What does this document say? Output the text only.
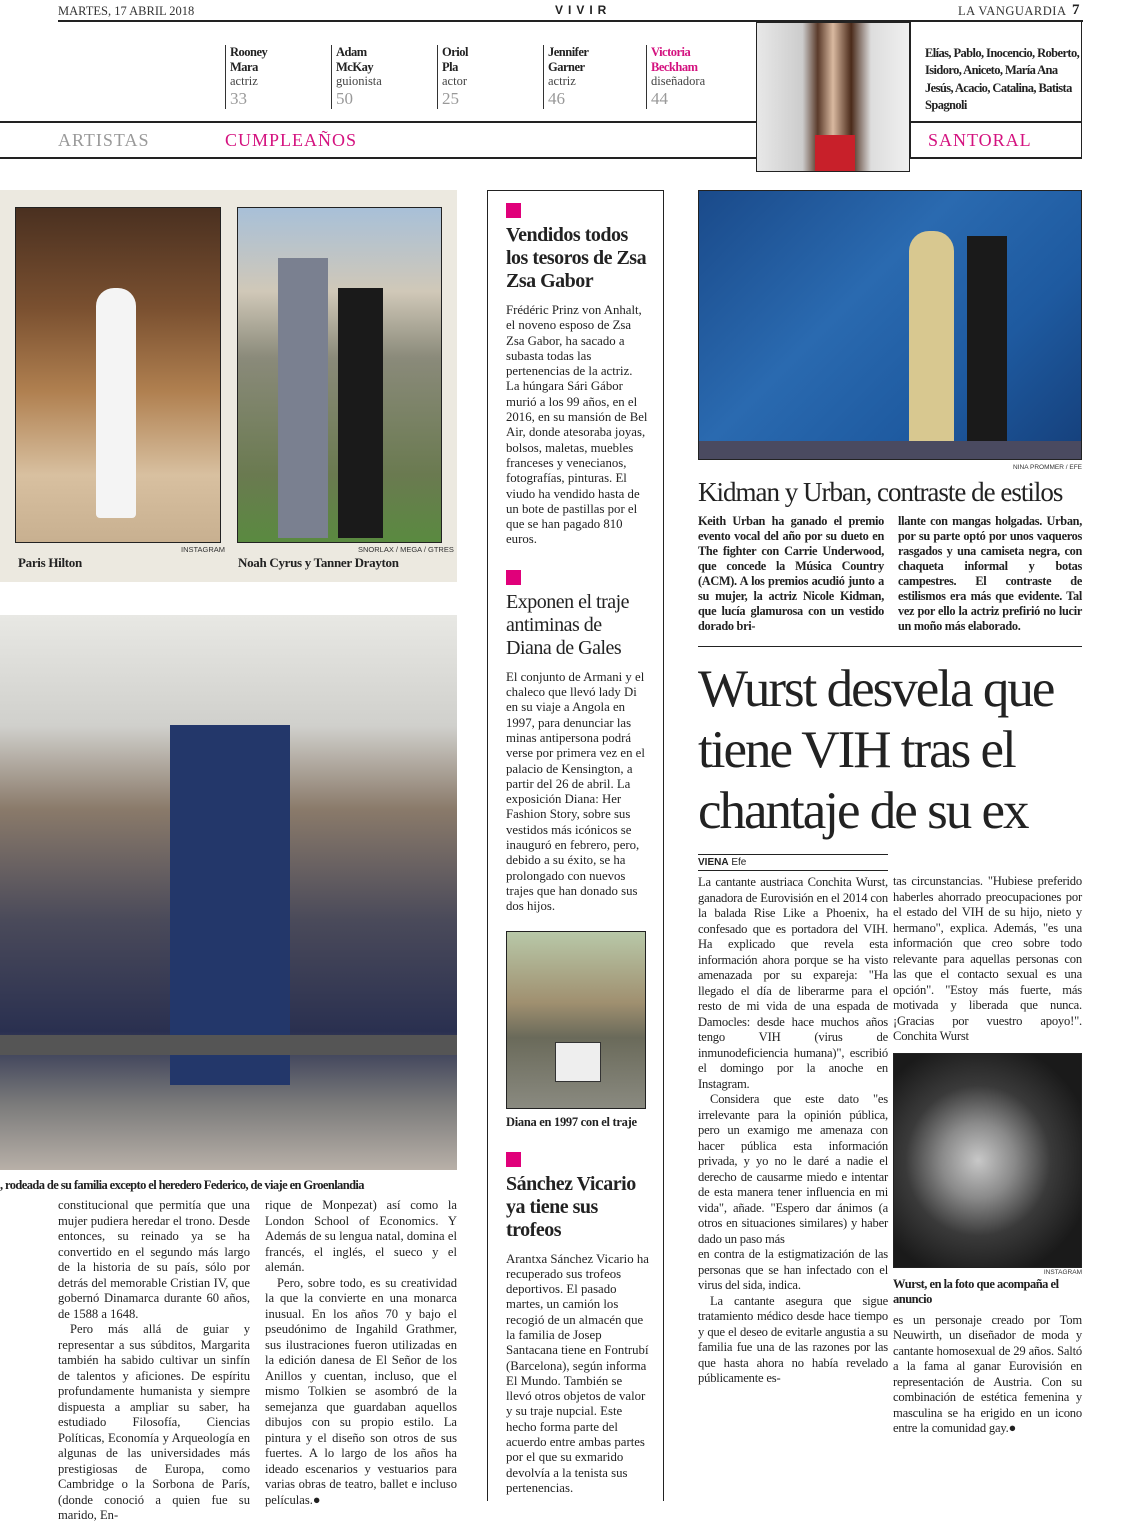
MARTES, 17 ABRIL 2018	VIVIR	LA VANGUARDIA 7
Rooney
Mara
actriz
33
Adam
McKay
guionista
50
Oriol
Pla
actor
25
Jennifer
Garner
actriz
46
Victoria
Beckham
diseñadora
44
Elías, Pablo, Inocencio, Roberto, Isidoro, Aniceto, María Ana Jesús, Acacio, Catalina, Batista Spagnoli
ARTISTAS	CUMPLEAÑOS	SANTORAL
INSTAGRAM
Paris Hilton
SNORLAX / MEGA / GTRES
Noah Cyrus y Tanner Drayton
, rodeada de su familia excepto el heredero Federico, de viaje en Groenlandia

constitucional que permitía que una mujer pudiera heredar el trono. Desde entonces, su reinado ya se ha convertido en el segundo más largo de la historia de su país, sólo por detrás del memorable Cristian IV, que gobernó Dinamarca durante 60 años, de 1588 a 1648.

Pero más allá de guiar y representar a sus súbditos, Margarita también ha sabido cultivar un sinfín de talentos y aficiones. De espíritu profundamente humanista y siempre dispuesta a ampliar su saber, ha estudiado Filosofía, Ciencias Políticas, Economía y Arqueología en algunas de las universidades más prestigiosas de Europa, como Cambridge o la Sorbona de París, (donde conoció a quien fue su marido, En-

rique de Monpezat) así como la London School of Economics. Y Además de su lengua natal, domina el francés, el inglés, el sueco y el alemán.

Pero, sobre todo, es su creatividad la que la convierte en una monarca inusual. En los años 70 y bajo el pseudónimo de Ingahild Grathmer, sus ilustraciones fueron utilizadas en la edición danesa de El Señor de los Anillos y cuentan, incluso, que el mismo Tolkien se asombró de la semejanza que guardaban aquellos dibujos con su propio estilo. La pintura y el diseño son otros de sus fuertes. A lo largo de los años ha ideado escenarios y vestuarios para varias obras de teatro, ballet e incluso películas.●

Vendidos todos los tesoros de Zsa Zsa Gabor
Frédéric Prinz von Anhalt, el noveno esposo de Zsa Zsa Gabor, ha sacado a subasta todas las pertenencias de la actriz. La húngara Sári Gábor murió a los 99 años, en el 2016, en su mansión de Bel Air, donde atesoraba joyas, bolsos, maletas, muebles franceses y venecianos, fotografías, pinturas. El viudo ha vendido hasta de un bote de pastillas por el que se han pagado 810 euros.
Exponen el traje antiminas de Diana de Gales
El conjunto de Armani y el chaleco que llevó lady Di en su viaje a Angola en 1997, para denunciar las minas antipersona podrá verse por primera vez en el palacio de Kensington, a partir del 26 de abril. La exposición Diana: Her Fashion Story, sobre sus vestidos más icónicos se inauguró en febrero, pero, debido a su éxito, se ha prolongado con nuevos trajes que han donado sus dos hijos.
Diana en 1997 con el traje
Sánchez Vicario ya tiene sus trofeos
Arantxa Sánchez Vicario ha recuperado sus trofeos deportivos. El pasado martes, un camión los recogió de un almacén que la familia de Josep Santacana tiene en Fontrubí (Barcelona), según informa El Mundo. También se llevó otros objetos de valor y su traje nupcial. Este hecho forma parte del acuerdo entre ambas partes por el que su exmarido devolvía a la tenista sus pertenencias.
NINA PROMMER / EFE
Kidman y Urban, contraste de estilos
Keith Urban ha ganado el premio evento vocal del año por su dueto en The fighter con Carrie Underwood, que concede la Música Country (ACM). A los premios acudió junto a su mujer, la actriz Nicole Kidman, que lucía glamurosa con un vestido dorado bri-
llante con mangas holgadas. Urban, por su parte optó por unos vaqueros rasgados y una camiseta negra, con chaqueta informal y botas campestres. El contraste de estilismos era más que evidente. Tal vez por ello la actriz prefirió no lucir un moño más elaborado.
Wurst desvela que tiene VIH tras el chantaje de su ex
VIENA Efe

La cantante austriaca Conchita Wurst, ganadora de Eurovisión en el 2014 con la balada Rise Like a Phoenix, ha confesado que es portadora del VIH. Ha explicado que revela esta información ahora porque se ha visto amenazada por su expareja: "Ha llegado el día de liberarme para el resto de mi vida de una espada de Damocles: desde hace muchos años tengo VIH (virus de inmunodeficiencia humana)", escribió el domingo por la anoche en Instagram.

Considera que este dato "es irrelevante para la opinión pública, pero un examigo me amenaza con hacer pública esta información privada, y yo no le daré a nadie el derecho de causarme miedo e intentar de esta manera tener influencia en mi vida", añade. "Espero dar ánimos (a otros en situaciones similares) y haber dado un paso más

en contra de la estigmatización de las personas que se han infectado con el virus del sida, indica.

La cantante asegura que sigue tratamiento médico desde hace tiempo y que el deseo de evitarle angustia a su familia fue una de las razones por las que hasta ahora no había revelado públicamente es-

tas circunstancias. "Hubiese preferido haberles ahorrado preocupaciones por el estado del VIH de su hijo, nieto y hermano", explica. Además, "es una información que creo sobre todo relevante para aquellas personas con las que el contacto sexual es una opción". "Estoy más fuerte, más motivada y liberada que nunca. ¡Gracias por vuestro apoyo!". Conchita Wurst

INSTAGRAM
Wurst, en la foto que acompaña el anuncio

es un personaje creado por Tom Neuwirth, un diseñador de moda y cantante homosexual de 29 años. Saltó a la fama al ganar Eurovisión en representación de Austria. Con su combinación de estética femenina y masculina se ha erigido en un icono entre la comunidad gay.●
